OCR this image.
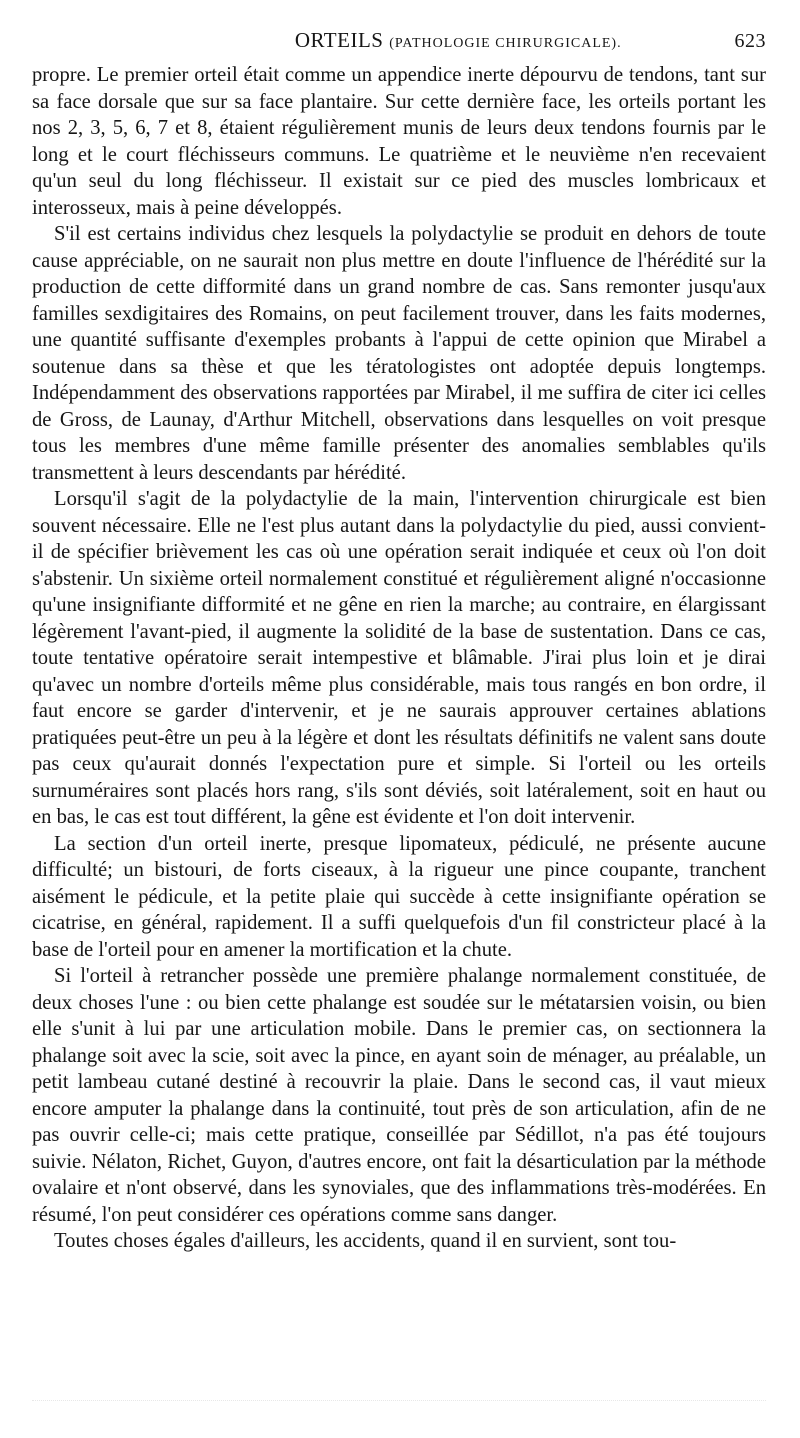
ORTEILS (PATHOLOGIE CHIRURGICALE).	623

propre. Le premier orteil était comme un appendice inerte dépourvu de tendons, tant sur sa face dorsale que sur sa face plantaire. Sur cette dernière face, les orteils portant les nos 2, 3, 5, 6, 7 et 8, étaient régulièrement munis de leurs deux tendons fournis par le long et le court fléchisseurs communs. Le quatrième et le neuvième n'en recevaient qu'un seul du long fléchisseur. Il existait sur ce pied des muscles lombricaux et interosseux, mais à peine développés.

S'il est certains individus chez lesquels la polydactylie se produit en dehors de toute cause appréciable, on ne saurait non plus mettre en doute l'influence de l'hérédité sur la production de cette difformité dans un grand nombre de cas. Sans remonter jusqu'aux familles sexdigitaires des Romains, on peut facilement trouver, dans les faits modernes, une quantité suffisante d'exemples probants à l'appui de cette opinion que Mirabel a soutenue dans sa thèse et que les tératologistes ont adoptée depuis longtemps. Indépendamment des observations rapportées par Mirabel, il me suffira de citer ici celles de Gross, de Launay, d'Arthur Mitchell, observations dans lesquelles on voit presque tous les membres d'une même famille présenter des anomalies semblables qu'ils transmettent à leurs descendants par hérédité.

Lorsqu'il s'agit de la polydactylie de la main, l'intervention chirurgicale est bien souvent nécessaire. Elle ne l'est plus autant dans la polydactylie du pied, aussi convient-il de spécifier brièvement les cas où une opération serait indiquée et ceux où l'on doit s'abstenir. Un sixième orteil normalement constitué et régulièrement aligné n'occasionne qu'une insignifiante difformité et ne gêne en rien la marche; au contraire, en élargissant légèrement l'avant-pied, il augmente la solidité de la base de sustentation. Dans ce cas, toute tentative opératoire serait intempestive et blâmable. J'irai plus loin et je dirai qu'avec un nombre d'orteils même plus considérable, mais tous rangés en bon ordre, il faut encore se garder d'intervenir, et je ne saurais approuver certaines ablations pratiquées peut-être un peu à la légère et dont les résultats définitifs ne valent sans doute pas ceux qu'aurait donnés l'expectation pure et simple. Si l'orteil ou les orteils surnuméraires sont placés hors rang, s'ils sont déviés, soit latéralement, soit en haut ou en bas, le cas est tout différent, la gêne est évidente et l'on doit intervenir.

La section d'un orteil inerte, presque lipomateux, pédiculé, ne présente aucune difficulté; un bistouri, de forts ciseaux, à la rigueur une pince coupante, tranchent aisément le pédicule, et la petite plaie qui succède à cette insignifiante opération se cicatrise, en général, rapidement. Il a suffi quelquefois d'un fil constricteur placé à la base de l'orteil pour en amener la mortification et la chute.

Si l'orteil à retrancher possède une première phalange normalement constituée, de deux choses l'une : ou bien cette phalange est soudée sur le métatarsien voisin, ou bien elle s'unit à lui par une articulation mobile. Dans le premier cas, on sectionnera la phalange soit avec la scie, soit avec la pince, en ayant soin de ménager, au préalable, un petit lambeau cutané destiné à recouvrir la plaie. Dans le second cas, il vaut mieux encore amputer la phalange dans la continuité, tout près de son articulation, afin de ne pas ouvrir celle-ci; mais cette pratique, conseillée par Sédillot, n'a pas été toujours suivie. Nélaton, Richet, Guyon, d'autres encore, ont fait la désarticulation par la méthode ovalaire et n'ont observé, dans les synoviales, que des inflammations très-modérées. En résumé, l'on peut considérer ces opérations comme sans danger.

Toutes choses égales d'ailleurs, les accidents, quand il en survient, sont tou-
